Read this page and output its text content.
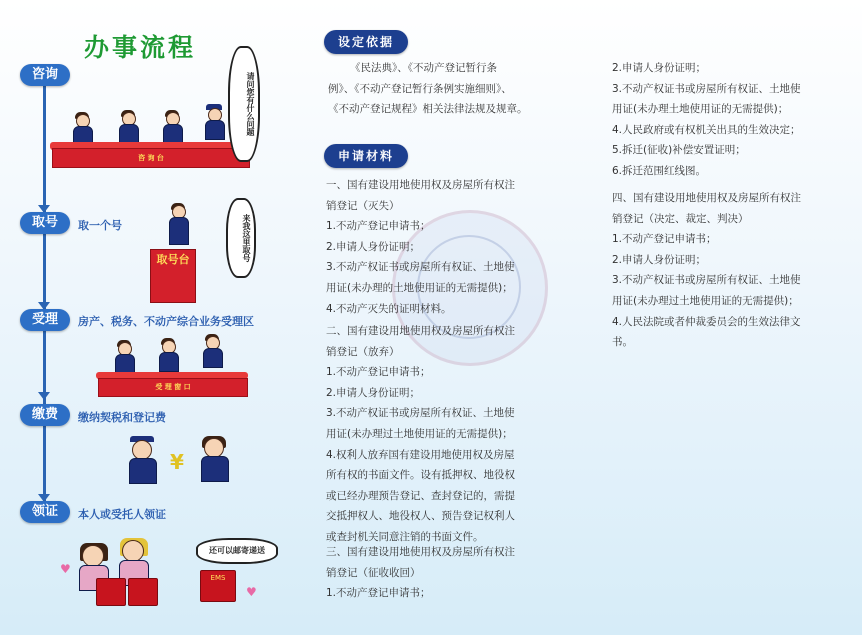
办事流程
咨询
咨 询 台
请问您有什么问题
取号	取一个号
取号台	来我这里取号
受理	房产、税务、不动产综合业务受理区
受 理 窗 口
缴费	缴纳契税和登记费
¥
领证	本人或受托人领证
♥
♥
还可以邮寄递送
EMS
设定依据
《民法典》、《不动产登记暂行条
例》、《不动产登记暂行条例实施细则》、
《不动产登记规程》相关法律法规及规章。
申请材料
一、国有建设用地使用权及房屋所有权注
销登记（灭失）
1.不动产登记申请书；
2.申请人身份证明；
3.不动产权证书或房屋所有权证、土地使
用证(未办理的土地使用证的无需提供)；
4.不动产灭失的证明材料。
二、国有建设用地使用权及房屋所有权注
销登记（放弃）
1.不动产登记申请书；
2.申请人身份证明；
3.不动产权证书或房屋所有权证、土地使
用证(未办理过土地使用证的无需提供)；
4.权利人放弃国有建设用地使用权及房屋
所有权的书面文件。设有抵押权、地役权
或已经办理预告登记、查封登记的，需提
交抵押权人、地役权人、预告登记权利人
或查封机关同意注销的书面文件。
三、国有建设用地使用权及房屋所有权注
销登记（征收收回）
1.不动产登记申请书；
2.申请人身份证明；
3.不动产权证书或房屋所有权证、土地使
用证(未办理土地使用证的无需提供)；
4.人民政府或有权机关出具的生效决定；
5.拆迁(征收)补偿安置证明；
6.拆迁范围红线图。
四、国有建设用地使用权及房屋所有权注
销登记（决定、裁定、判决）
1.不动产登记申请书；
2.申请人身份证明；
3.不动产权证书或房屋所有权证、土地使
用证(未办理过土地使用证的无需提供)；
4.人民法院或者仲裁委员会的生效法律文
书。
